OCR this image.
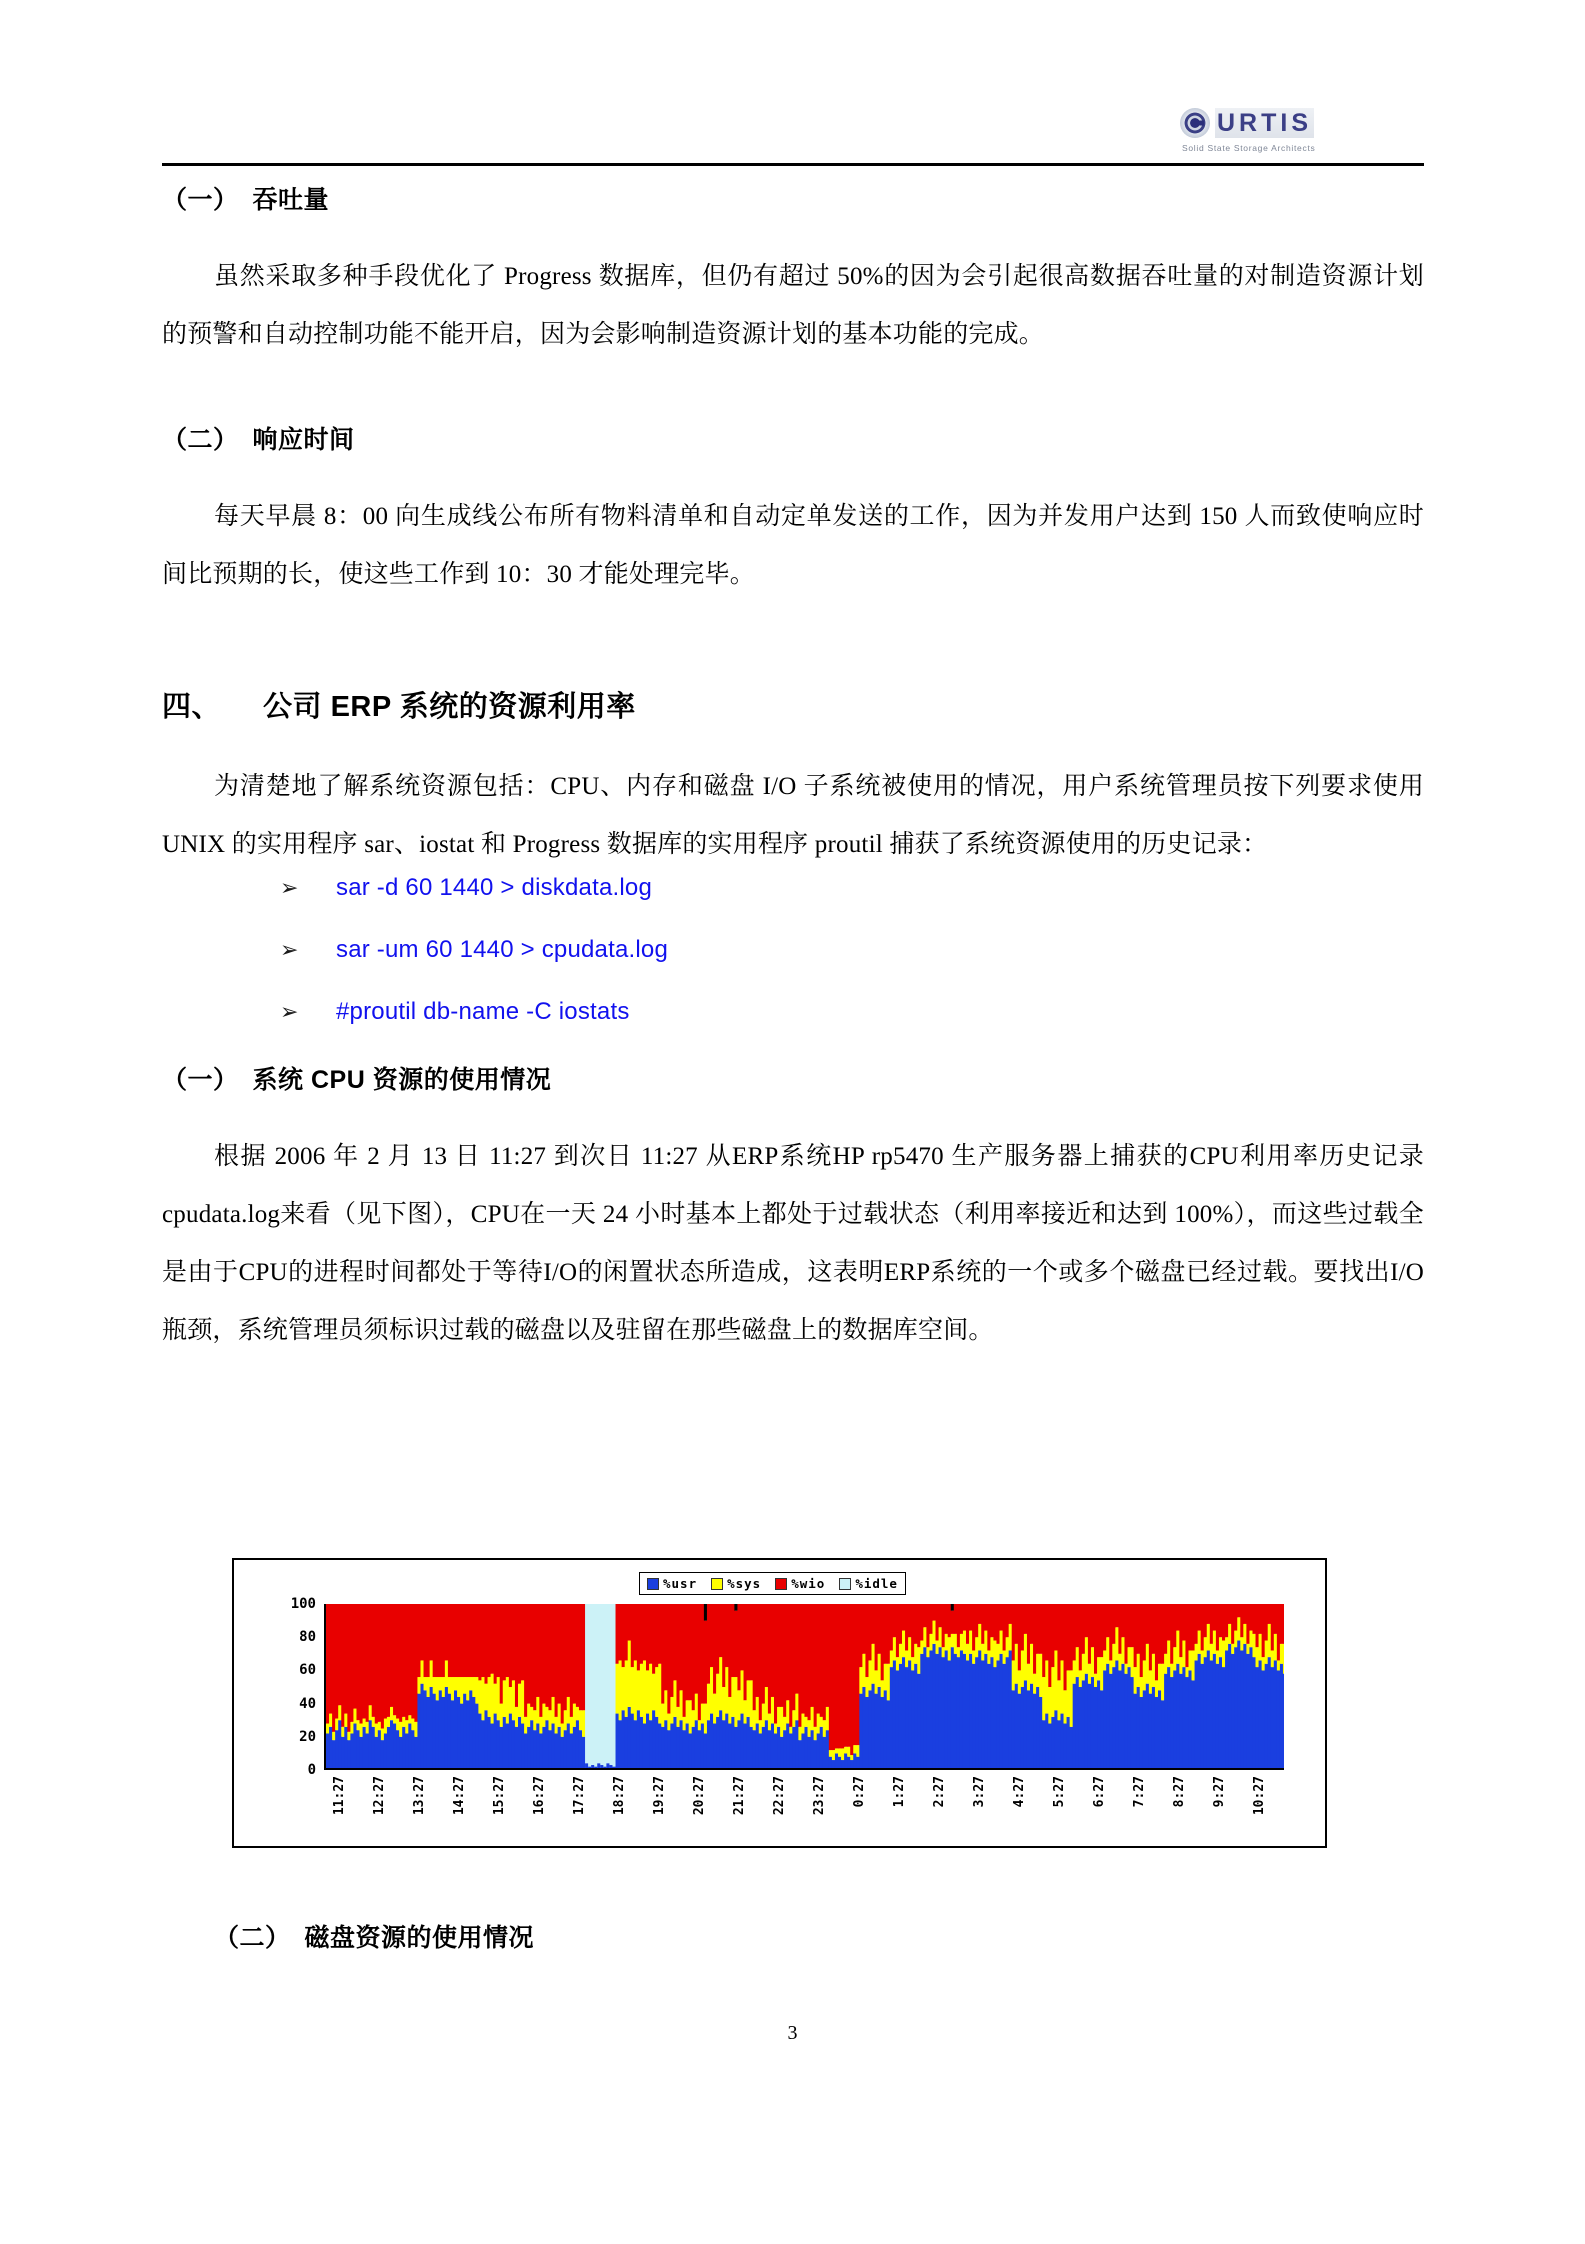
URTIS
Solid State Storage Architects
（一） 吞吐量

虽然采取多种手段优化了 Progress 数据库，但仍有超过 50%的因为会引起很高数据吞吐量的对制造资源计划的预警和自动控制功能不能开启，因为会影响制造资源计划的基本功能的完成。

（二） 响应时间

每天早晨 8：00 向生成线公布所有物料清单和自动定单发送的工作，因为并发用户达到 150 人而致使响应时间比预期的长，使这些工作到 10：30 才能处理完毕。

四、 公司 ERP 系统的资源利用率

为清楚地了解系统资源包括：CPU、内存和磁盘 I/O 子系统被使用的情况，用户系统管理员按下列要求使用 UNIX 的实用程序 sar、iostat 和 Progress 数据库的实用程序 proutil 捕获了系统资源使用的历史记录：

➢	sar -d 60 1440 > diskdata.log
➢	sar -um 60 1440 > cpudata.log
➢	#proutil db-name -C iostats
（一） 系统 CPU 资源的使用情况

根据 2006 年 2 月 13 日 11:27 到次日 11:27 从ERP系统HP rp5470 生产服务器上捕获的CPU利用率历史记录cpudata.log来看（见下图），CPU在一天 24 小时基本上都处于过载状态（利用率接近和达到 100%），而这些过载全是由于CPU的进程时间都处于等待I/O的闲置状态所造成，这表明ERP系统的一个或多个磁盘已经过载。要找出I/O瓶颈，系统管理员须标识过载的磁盘以及驻留在那些磁盘上的数据库空间。

%usr %sys %wio %idle
0
20
40
60
80
100
11:27 12:27 13:27 14:27 15:27 16:27 17:27 18:27 19:27 20:27 21:27 22:27 23:27 0:27 1:27 2:27 3:27 4:27 5:27 6:27 7:27 8:27 9:27 10:27
（二） 磁盘资源的使用情况
3
